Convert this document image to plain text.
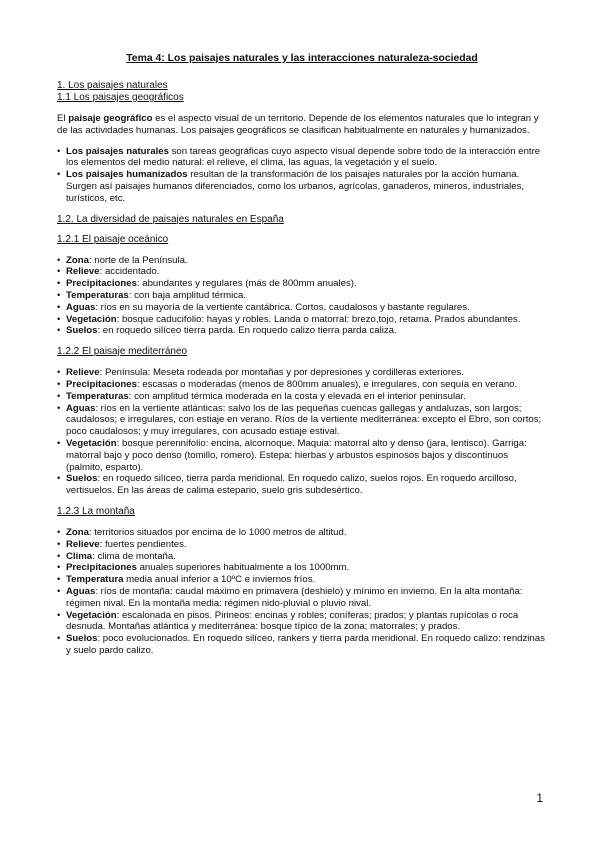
Tema 4: Los paisajes naturales y las interacciones naturaleza-sociedad
1. Los paisajes naturales
1.1 Los paisajes geográficos

El paisaje geográfico es el aspecto visual de un territorio. Depende de los elementos naturales que lo integran y de las actividades humanas. Los paisajes geográficos se clasifican habitualmente en naturales y humanizados.

• Los paisajes naturales son tareas geográficas cuyo aspecto visual depende sobre todo de la interacción entre los elementos del medio natural: el relieve, el clima, las aguas, la vegetación y el suelo.
• Los paisajes humanizados resultan de la transformación de los paisajes naturales por la acción humana. Surgen así paisajes humanos diferenciados, como los urbanos, agrícolas, ganaderos, mineros, industriales, turísticos, etc.
1.2. La diversidad de paisajes naturales en España
1.2.1 El paisaje oceánico
• Zona: norte de la Península.
• Relieve: accidentado.
• Precipitaciones: abundantes y regulares (más de 800mm anuales).
• Temperaturas: con baja amplitud térmica.
• Aguas: ríos en su mayoría de la vertiente cantábrica. Cortos, caudalosos y bastante regulares.
• Vegetación: bosque caducifolio: hayas y robles. Landa o matorral: brezo,tojo, retama. Prados abundantes.
• Suelos: en roquedo silíceo tierra parda. En roquedo calizo tierra parda caliza.
1.2.2 El paisaje mediterráneo
• Relieve: Península: Meseta rodeada por montañas y por depresiones y cordilleras exteriores.
• Precipitaciones: escasas o moderadas (menos de 800mm anuales), e irregulares, con sequía en verano.
• Temperaturas: con amplitud térmica moderada en la costa y elevada en el interior peninsular.
• Aguas: ríos en la vertiente atlánticas: salvo los de las pequeñas cuencas gallegas y andaluzas, son largos; caudalosos; e irregulares, con estiaje en verano. Ríos de la vertiente mediterránea: excepto el Ebro, son cortos; poco caudalosos; y muy irregulares, con acusado estiaje estival.
• Vegetación: bosque perennifolio: encina, alcornoque. Maquia: matorral alto y denso (jara, lentisco). Garriga: matorral bajo y poco denso (tomillo, romero). Estepa: hierbas y arbustos espinosos bajos y discontinuos (palmito, esparto).
• Suelos: en roquedo silíceo, tierra parda meridional. En roquedo calizo, suelos rojos. En roquedo arcilloso, vertisuelos. En las áreas de calima estepario, suelo gris subdesértico.
1.2.3 La montaña
• Zona: territorios situados por encima de lo 1000 metros de altitud.
• Relieve: fuertes pendientes.
• Clima: clima de montaña.
• Precipitaciones anuales superiores habitualmente a los 1000mm.
• Temperatura media anual inferior a 10ºC e inviernos fríos.
• Aguas: ríos de montaña: caudal máximo en primavera (deshielo) y mínimo en invierno. En la alta montaña: régimen nival. En la montaña media: régimen nido-pluvial o pluvio nival.
• Vegetación: escalonada en pisos. Pirineos: encinas y robles; coníferas; prados; y plantas rupícolas o roca desnuda. Montañas atlántica y mediterránea: bosque típico de la zona; matorrales; y prados.
• Suelos: poco evolucionados. En roquedo silíceo, rankers y tierra parda meridional. En roquedo calizo: rendzinas y suelo pardo calizo.
1
